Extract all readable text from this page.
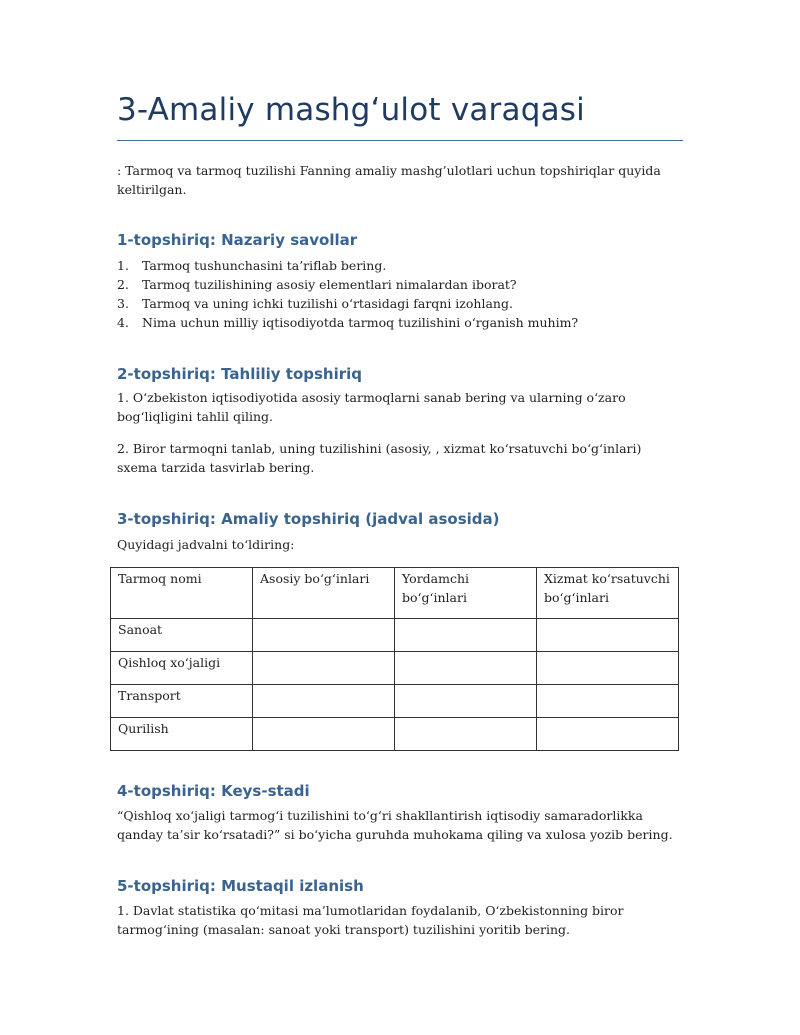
3-Amaliy mashg‘ulot varaqasi

: Tarmoq va tarmoq tuzilishi Fanning amaliy mashg’ulotlari uchun topshiriqlar quyida keltirilgan.

1-topshiriq: Nazariy savollar
1.	Tarmoq tushunchasini ta’riflab bering.
2.	Tarmoq tuzilishining asosiy elementlari nimalardan iborat?
3.	Tarmoq va uning ichki tuzilishi o‘rtasidagi farqni izohlang.
4.	Nima uchun milliy iqtisodiyotda tarmoq tuzilishini o‘rganish muhim?
2-topshiriq: Tahliliy topshiriq

1. O‘zbekiston iqtisodiyotida asosiy tarmoqlarni sanab bering va ularning o‘zaro bog‘liqligini tahlil qiling.

2. Biror tarmoqni tanlab, uning tuzilishini (asosiy, , xizmat ko‘rsatuvchi bo‘g‘inlari) sxema tarzida tasvirlab bering.

3-topshiriq: Amaliy topshiriq (jadval asosida)

Quyidagi jadvalni to‘ldiring:

Tarmoq nomi	Asosiy bo‘g‘inlari	Yordamchi bo‘g‘inlari	Xizmat ko‘rsatuvchi bo‘g‘inlari
Sanoat			
Qishloq xo‘jaligi			
Transport			
Qurilish			
4-topshiriq: Keys-stadi

“Qishloq xo‘jaligi tarmog‘i tuzilishini to‘g‘ri shakllantirish iqtisodiy samaradorlikka qanday ta’sir ko‘rsatadi?” si bo‘yicha guruhda muhokama qiling va xulosa yozib bering.

5-topshiriq: Mustaqil izlanish

1. Davlat statistika qo‘mitasi ma’lumotlaridan foydalanib, O‘zbekistonning biror tarmog‘ining (masalan: sanoat yoki transport) tuzilishini yoritib bering.
